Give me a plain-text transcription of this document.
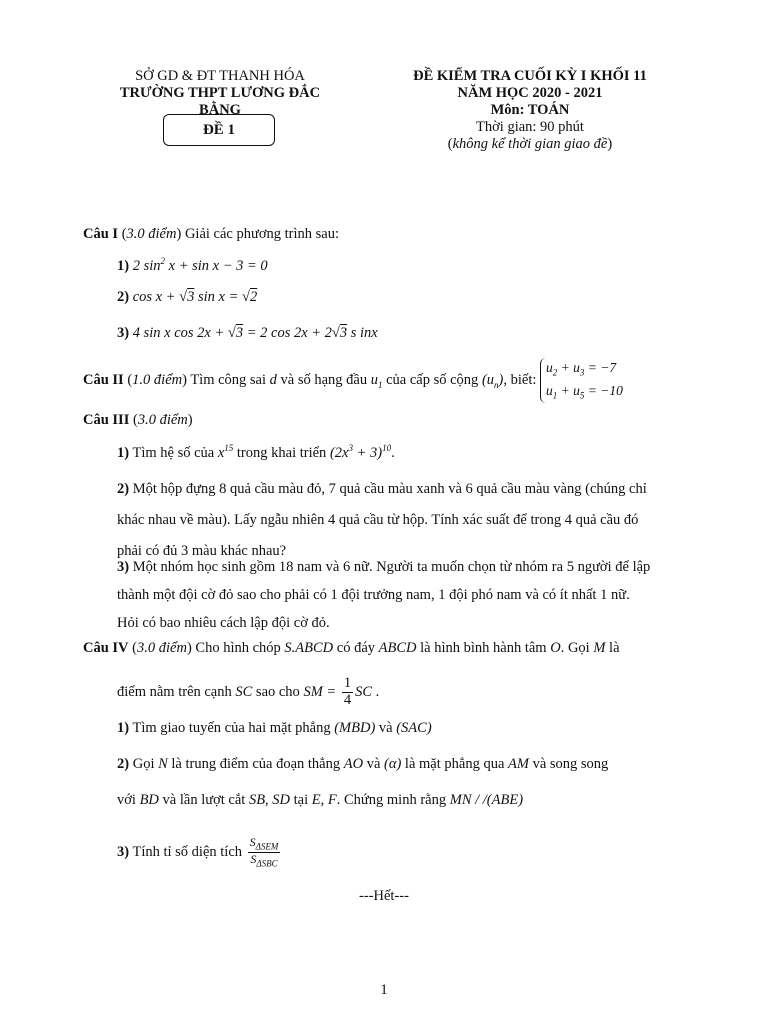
SỞ GD & ĐT THANH HÓA
TRƯỜNG THPT LƯƠNG ĐẮC BẰNG
ĐỀ 1
ĐỀ KIỂM TRA CUỐI KỲ I KHỐI 11
NĂM HỌC 2020 - 2021
Môn: TOÁN
Thời gian: 90 phút
(không kể thời gian giao đề)
Câu I (3.0 điểm) Giải các phương trình sau:
1) 2 $\sin^2 x + \sin x - 3 = 0$
2) cos x + √3 sin x = √2
3) 4 sin x cos 2x + √3 = 2 cos 2x + 2√3 s inx
Câu II (1.0 điểm) Tìm công sai d và số hạng đầu $u_1$ của cấp số cộng $(u_n)$, biết: $u_2 + u_3 = -7$
$u_1 + u_5 = -10$
Câu III (3.0 điểm)
1) Tìm hệ số của $x^{15}$ trong khai triển $(2x^3 + 3)^{10}$.
2) Một hộp đựng 8 quả cầu màu đỏ, 7 quả cầu màu xanh và 6 quả cầu màu vàng (chúng chỉ
khác nhau về màu). Lấy ngẫu nhiên 4 quả cầu từ hộp. Tính xác suất để trong 4 quả cầu đó
phải có đủ 3 màu khác nhau?
3) Một nhóm học sinh gồm 18 nam và 6 nữ. Người ta muốn chọn từ nhóm ra 5 người để lập
thành một đội cờ đỏ sao cho phải có 1 đội trưởng nam, 1 đội phó nam và có ít nhất 1 nữ.
Hỏi có bao nhiêu cách lập đội cờ đỏ.
Câu IV (3.0 điểm) Cho hình chóp S.ABCD có đáy ABCD là hình bình hành tâm O. Gọi M là
điểm nằm trên cạnh SC sao cho SM = $\frac{1}{4}$ SC .
1) Tìm giao tuyến của hai mặt phẳng (MBD) và (SAC)
2) Gọi N là trung điểm của đoạn thẳng AO và (α) là mặt phẳng qua AM và song song
với BD và lần lượt cắt SB, SD tại E, F. Chứng minh rằng MN / /(ABE)
3) Tính tỉ số diện tích $\frac{S_{\Delta SEM}}{S_{\Delta SBC}}$
---Hết---
1
